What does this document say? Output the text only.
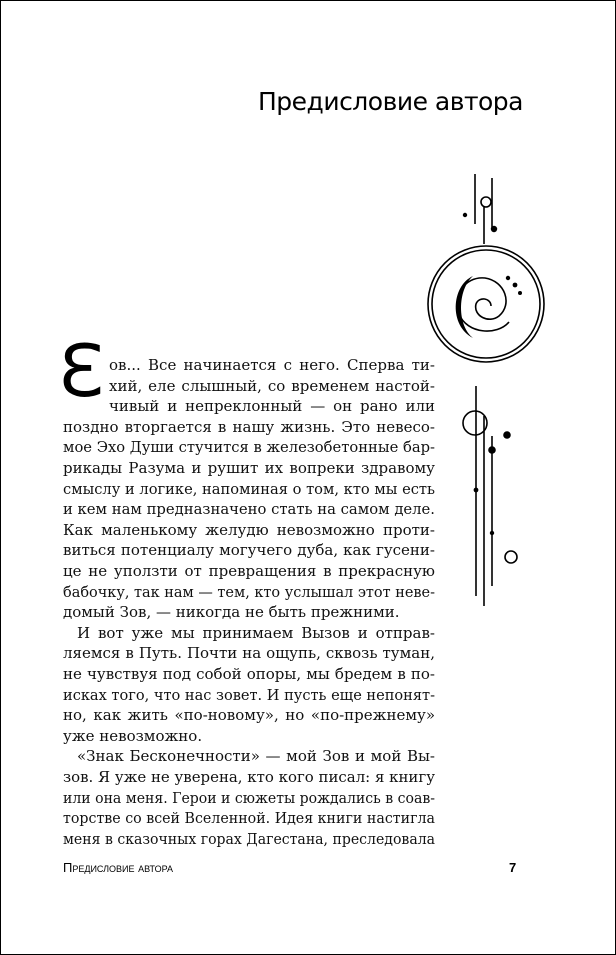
Предисловие автора
З ов... Все начинается с него. Сперва ти-
хий, еле слышный, со временем настой-
чивый и непреклонный — он рано или
поздно вторгается в нашу жизнь. Это невесо-
мое Эхо Души стучится в железобетонные бар-
рикады Разума и рушит их вопреки здравому
смыслу и логике, напоминая о том, кто мы есть
и кем нам предназначено стать на самом деле.
Как маленькому желудю невозможно проти-
виться потенциалу могучего дуба, как гусени-
це не уползти от превращения в прекрасную
бабочку, так нам — тем, кто услышал этот неве-
домый Зов, — никогда не быть прежними.
И вот уже мы принимаем Вызов и отправ-
ляемся в Путь. Почти на ощупь, сквозь туман,
не чувствуя под собой опоры, мы бредем в по-
исках того, что нас зовет. И пусть еще непонят-
но, как жить «по-новому», но «по-прежнему»
уже невозможно.
«Знак Бесконечности» — мой Зов и мой Вы-
зов. Я уже не уверена, кто кого писал: я книгу
или она меня. Герои и сюжеты рождались в соав-
Предисловие автора	7
торстве со всей Вселенной. Идея книги настигла
меня в сказочных горах Дагестана, преследовала
